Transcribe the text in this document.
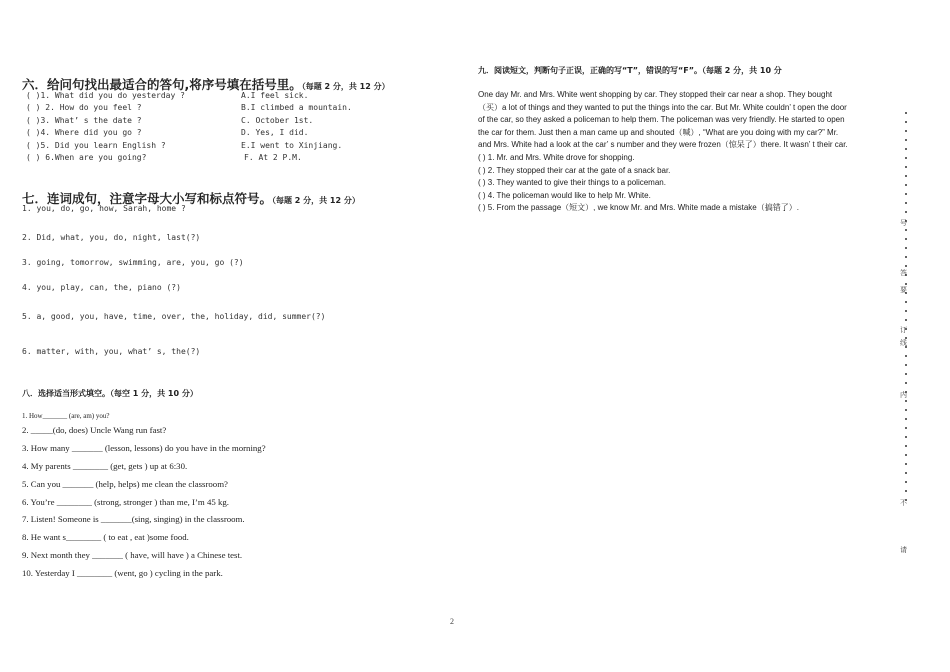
六．给问句找出最适合的答句,将序号填在括号里。（每题 2 分，共 12 分）
( )1. What did you do yesterday ?	A.I feel sick.
( ) 2. How do you feel ?	B.I climbed a mountain.
( )3. What’ s the date ?	C. October 1st.
( )4. Where did you go ?	D. Yes, I did.
( )5. Did you learn English ?	E.I went to Xinjiang.
( ) 6.When are you going?	F. At 2 P.M.
七．连词成句，注意字母大小写和标点符号。（每题 2 分，共 12 分）
1. you, do, go, how, Sarah, home ?
2. Did, what, you, do, night, last(?)
3. going, tomorrow, swimming, are, you, go (?)
4. you, play, can, the, piano (?)
5. a, good, you, have, time, over, the, holiday, did, summer(?)
6. matter, with, you, what’ s, the(?)
八．选择适当形式填空。（每空 1 分，共 10 分）
1. How_______ (are, am) you?
2. _____(do, does) Uncle Wang run fast?
3. How many _______ (lesson, lessons) do you have in the morning?
4. My parents ________ (get, gets ) up at 6:30.
5. Can you _______ (help, helps) me clean the classroom?
6. You’re ________ (strong, stronger ) than me, I’m 45 kg.
7. Listen! Someone is _______(sing, singing) in the classroom.
8. He want s________ ( to eat , eat )some food.
9. Next month they _______ ( have, will have ) a Chinese test.
10. Yesterday I ________ (went, go ) cycling in the park.
九．阅读短文，判断句子正误，正确的写“T”，错误的写“F”。（每题 2 分，共 10 分
One day Mr. and Mrs. White went shopping by car. They stopped their car near a shop. They bought
（买）a lot of things and they wanted to put the things into the car. But Mr. White couldn’ t open the door
of the car, so they asked a policeman to help them. The policeman was very friendly. He started to open
the car for them. Just then a man came up and shouted（喊）, “What are you doing with my car?” Mr.
and Mrs. White had a look at the car’ s number and they were frozen（惊呆了）there. It wasn’ t their car.
( ) 1. Mr. and Mrs. White drove for shopping.
( ) 2. They stopped their car at the gate of a snack bar.
( ) 3. They wanted to give their things to a policeman.
( ) 4. The policeman would like to help Mr. White.
( ) 5. From the passage（短文）, we know Mr. and Mrs. White made a mistake（搞错了）.
号
答
要
订
线
内
不
请
2
